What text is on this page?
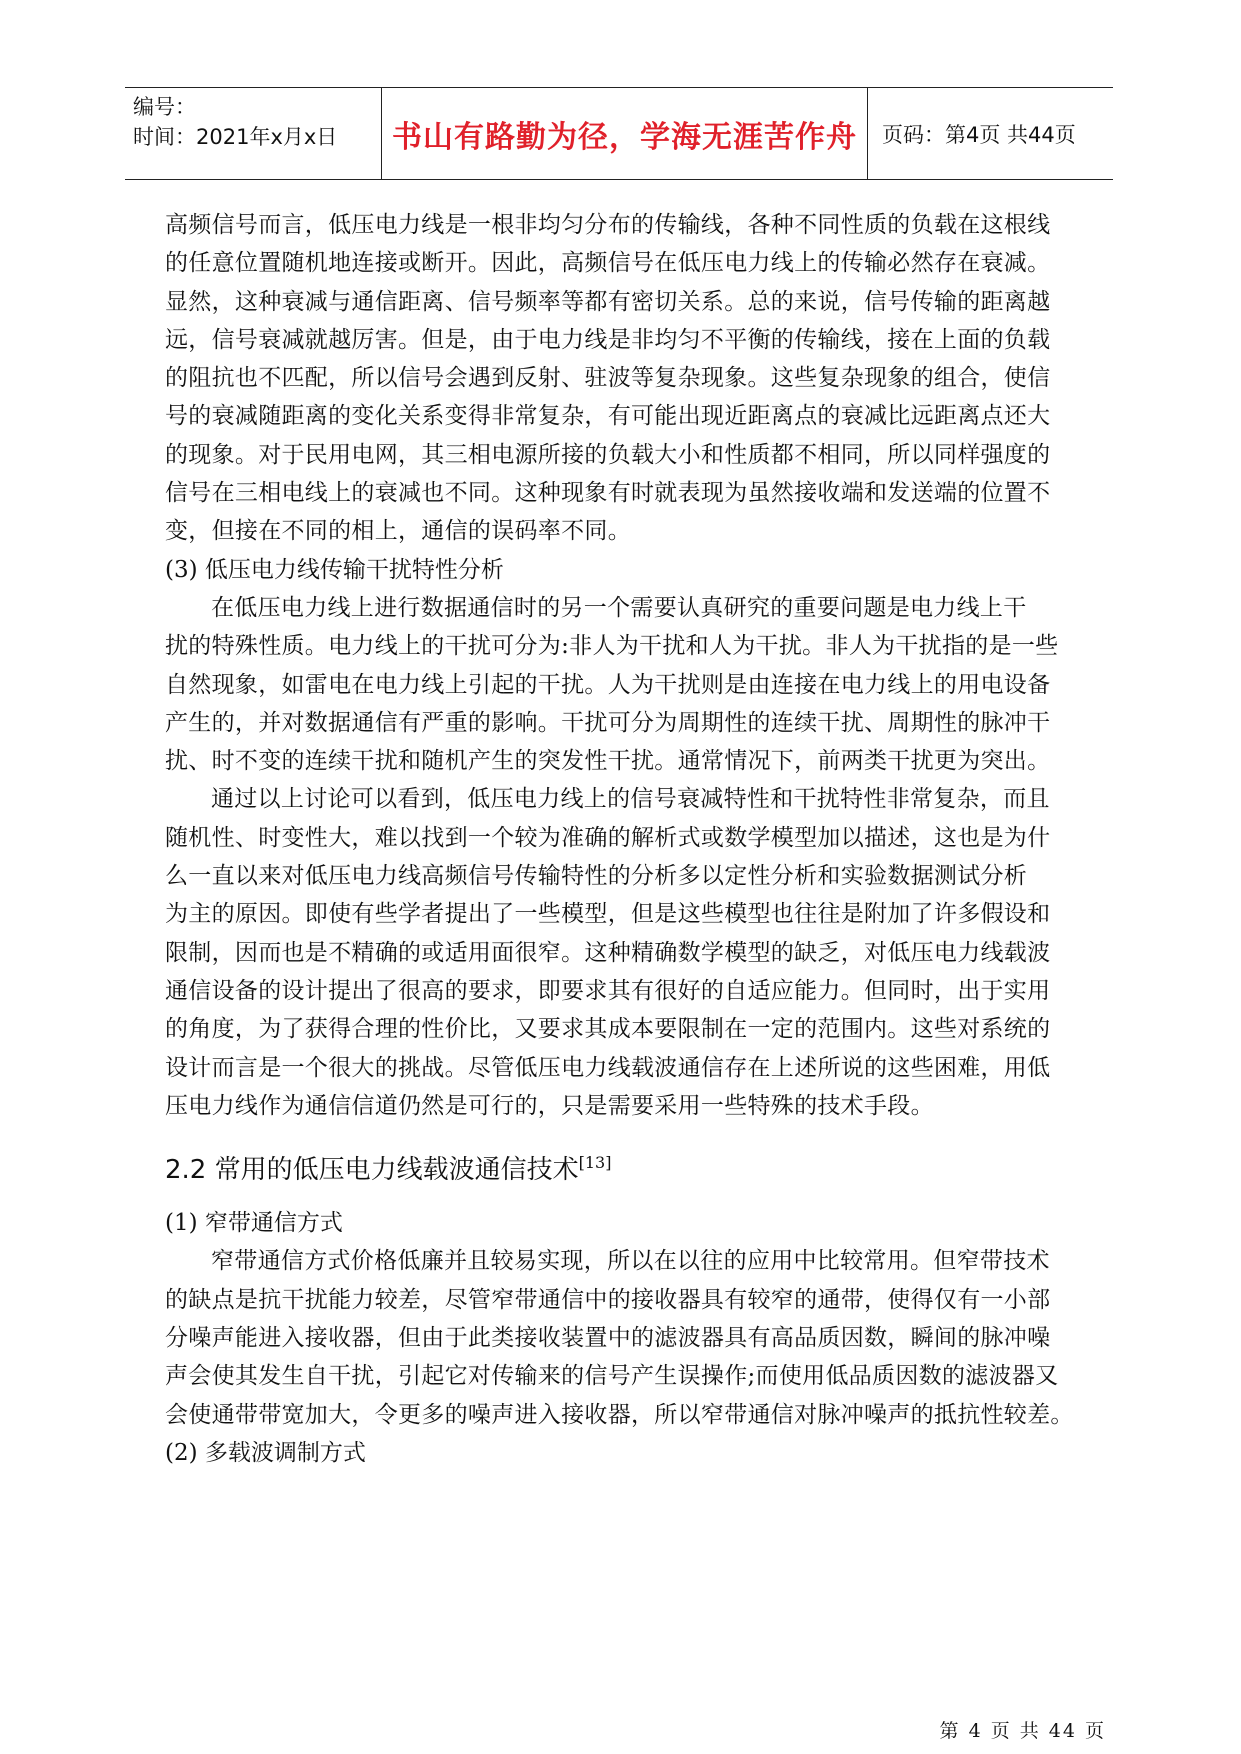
编号：
时间：2021年x月x日	书山有路勤为径，学海无涯苦作舟	页码：第4页 共44页
高频信号而言，低压电力线是一根非均匀分布的传输线，各种不同性质的负载在这根线
的任意位置随机地连接或断开。因此，高频信号在低压电力线上的传输必然存在衰减。
显然，这种衰减与通信距离、信号频率等都有密切关系。总的来说，信号传输的距离越
远，信号衰减就越厉害。但是，由于电力线是非均匀不平衡的传输线，接在上面的负载
的阻抗也不匹配，所以信号会遇到反射、驻波等复杂现象。这些复杂现象的组合，使信
号的衰减随距离的变化关系变得非常复杂，有可能出现近距离点的衰减比远距离点还大
的现象。对于民用电网，其三相电源所接的负载大小和性质都不相同，所以同样强度的
信号在三相电线上的衰减也不同。这种现象有时就表现为虽然接收端和发送端的位置不
变，但接在不同的相上，通信的误码率不同。
(3) 低压电力线传输干扰特性分析
在低压电力线上进行数据通信时的另一个需要认真研究的重要问题是电力线上干
扰的特殊性质。电力线上的干扰可分为:非人为干扰和人为干扰。非人为干扰指的是一些
自然现象，如雷电在电力线上引起的干扰。人为干扰则是由连接在电力线上的用电设备
产生的，并对数据通信有严重的影响。干扰可分为周期性的连续干扰、周期性的脉冲干
扰、时不变的连续干扰和随机产生的突发性干扰。通常情况下，前两类干扰更为突出。
通过以上讨论可以看到，低压电力线上的信号衰减特性和干扰特性非常复杂，而且
随机性、时变性大，难以找到一个较为准确的解析式或数学模型加以描述，这也是为什
么一直以来对低压电力线高频信号传输特性的分析多以定性分析和实验数据测试分析
为主的原因。即使有些学者提出了一些模型，但是这些模型也往往是附加了许多假设和
限制，因而也是不精确的或适用面很窄。这种精确数学模型的缺乏，对低压电力线载波
通信设备的设计提出了很高的要求，即要求其有很好的自适应能力。但同时，出于实用
的角度，为了获得合理的性价比，又要求其成本要限制在一定的范围内。这些对系统的
设计而言是一个很大的挑战。尽管低压电力线载波通信存在上述所说的这些困难，用低
压电力线作为通信信道仍然是可行的，只是需要采用一些特殊的技术手段。
2.2 常用的低压电力线载波通信技术[13]
(1) 窄带通信方式
窄带通信方式价格低廉并且较易实现，所以在以往的应用中比较常用。但窄带技术
的缺点是抗干扰能力较差，尽管窄带通信中的接收器具有较窄的通带，使得仅有一小部
分噪声能进入接收器，但由于此类接收装置中的滤波器具有高品质因数，瞬间的脉冲噪
声会使其发生自干扰，引起它对传输来的信号产生误操作;而使用低品质因数的滤波器又
会使通带带宽加大，令更多的噪声进入接收器，所以窄带通信对脉冲噪声的抵抗性较差。
(2) 多载波调制方式
第 4 页 共 44 页
